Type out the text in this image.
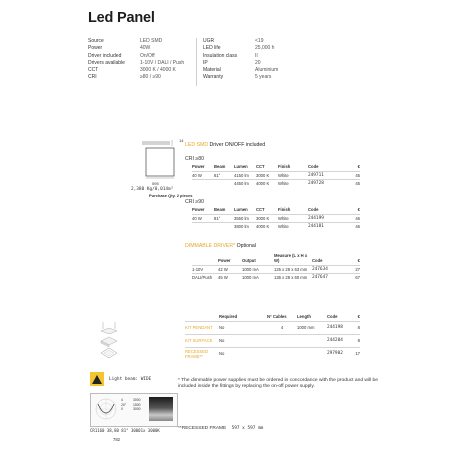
Led Panel
Source	LED SMD
Power	40W
Driver included	On/Off
Drivers available	1-10V / DALI / Push
CCT	3000 K / 4000 K
CRI	≥80 / ≥90
UGR	<19
LED life	25,000 h
Insulation class	II
IP	20
Material	Aluminium
Warranty	5 years
14
595
2,380 Kg/0,014m³
Purchase Qty. 2 pieces
LED SMD Driver ON/OFF included
CRI ≥80
Power	Beam	Lumen	CCT	Finish	Code	€
40 W	81°	4150 lm	3000 K	White	249711	45
		4450 lm	4000 K	White	249728	45
CRI ≥90
Power	Beam	Lumen	CCT	Finish	Code	€
40 W	81°	3550 lm	3000 K	White	244199	46
		3800 lm	4000 K	White	244181	46
DIMMABLE DRIVER* Optional
	Power	Output	Measure (L x H x W)	Code	€
1-10V	42 W	1000 mA	125 x 28 x 63 mm	247634	27
DALI/Push	45 W	1000 mA	136 x 28 x 60 mm	247647	67
	Required	N° Cables	Length	Code	€
KIT PENDANT	No	4	1000 mm	244198	8
KIT SURFACE	No			244204	8
RECESSED FRAME**	No			297902	17
Light beam: WIDE
4
20°
0
3000
1500
3000
CR1160 38,80 81° 30001x 3000K
782
**RECESSED FRAME 597 x 597 mm
* The dimmable power supplies must be ordered in concordance with the product and will be included inside the fittings by replacing the on-off power supply.
